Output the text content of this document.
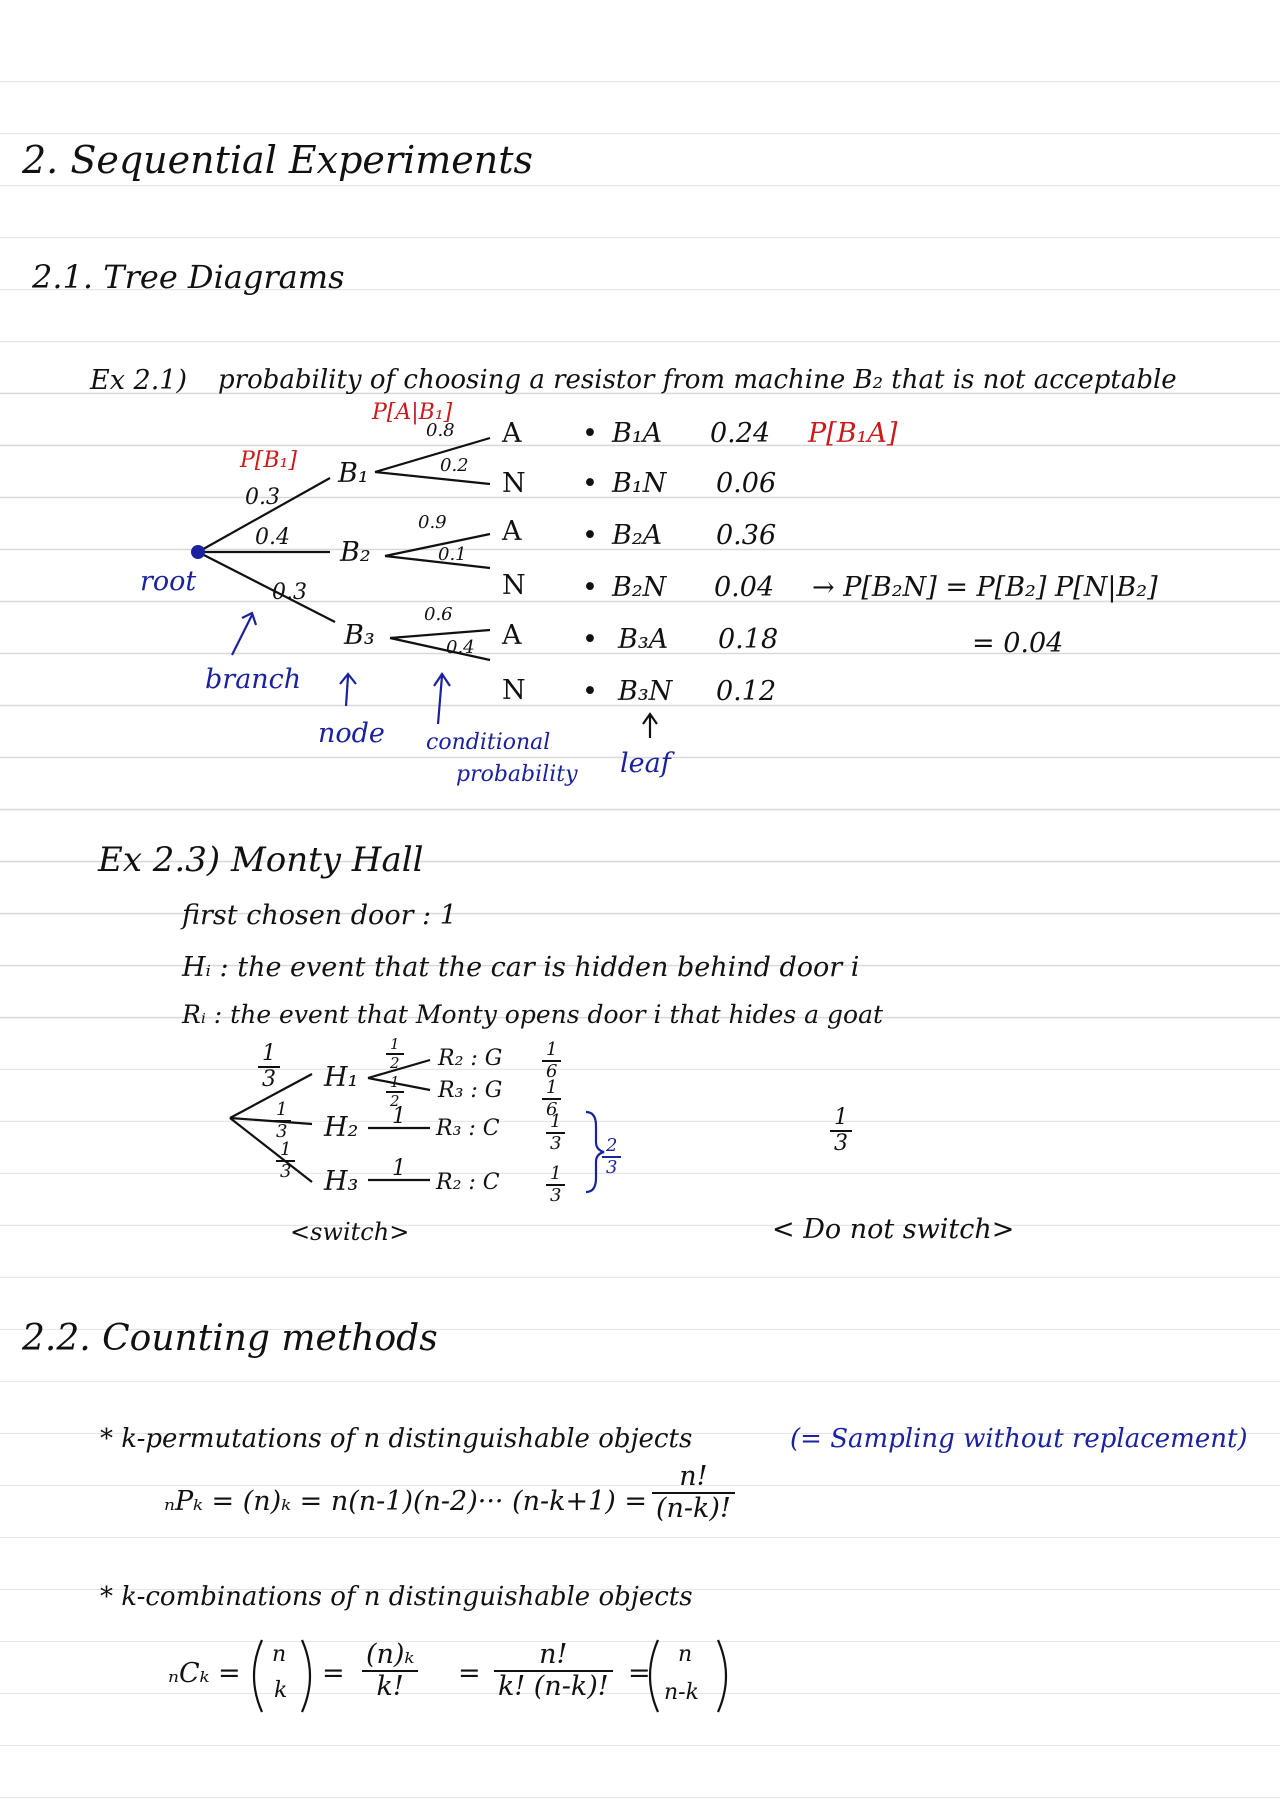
2. Sequential Experiments
2.1. Tree Diagrams
Ex 2.1) probability of choosing a resistor from machine B₂ that is not acceptable
P[B₁]
P[A|B₁]
0.3
0.4
0.3
B₁
B₂
B₃
0.8
0.2
0.9
0.1
0.6
0.4
A
N
A
N
A
N
• B₁A 0.24 P[B₁A]
• B₁N 0.06
• B₂A 0.36
• B₂N 0.04 → P[B₂N] = P[B₂] P[N|B₂]
= 0.04
• B₃A 0.18
• B₃N 0.12
root
branch
node conditional
probability leaf
Ex 2.3) Monty Hall
first chosen door : 1
Hᵢ : the event that the car is hidden behind door i
Rᵢ : the event that Monty opens door i that hides a goat
1
3
1
3
1
3
H₁
H₂
H₃
1
2
1
2
1
1
R₂ : G
R₃ : G
R₃ : C
R₂ : C
1
6
1
6
1
3
1
3
2
3
1
3
<switch>	< Do not switch>
2.2. Counting methods
* k-permutations of n distinguishable objects	(= Sampling without replacement)
ₙPₖ = (n)ₖ = n(n-1)(n-2)··· (n-k+1) =
n!
(n-k)!
* k-combinations of n distinguishable objects
ₙCₖ =
n
k
=
(n)ₖ
k! =
n!
k! (n-k)! =
n
n-k
